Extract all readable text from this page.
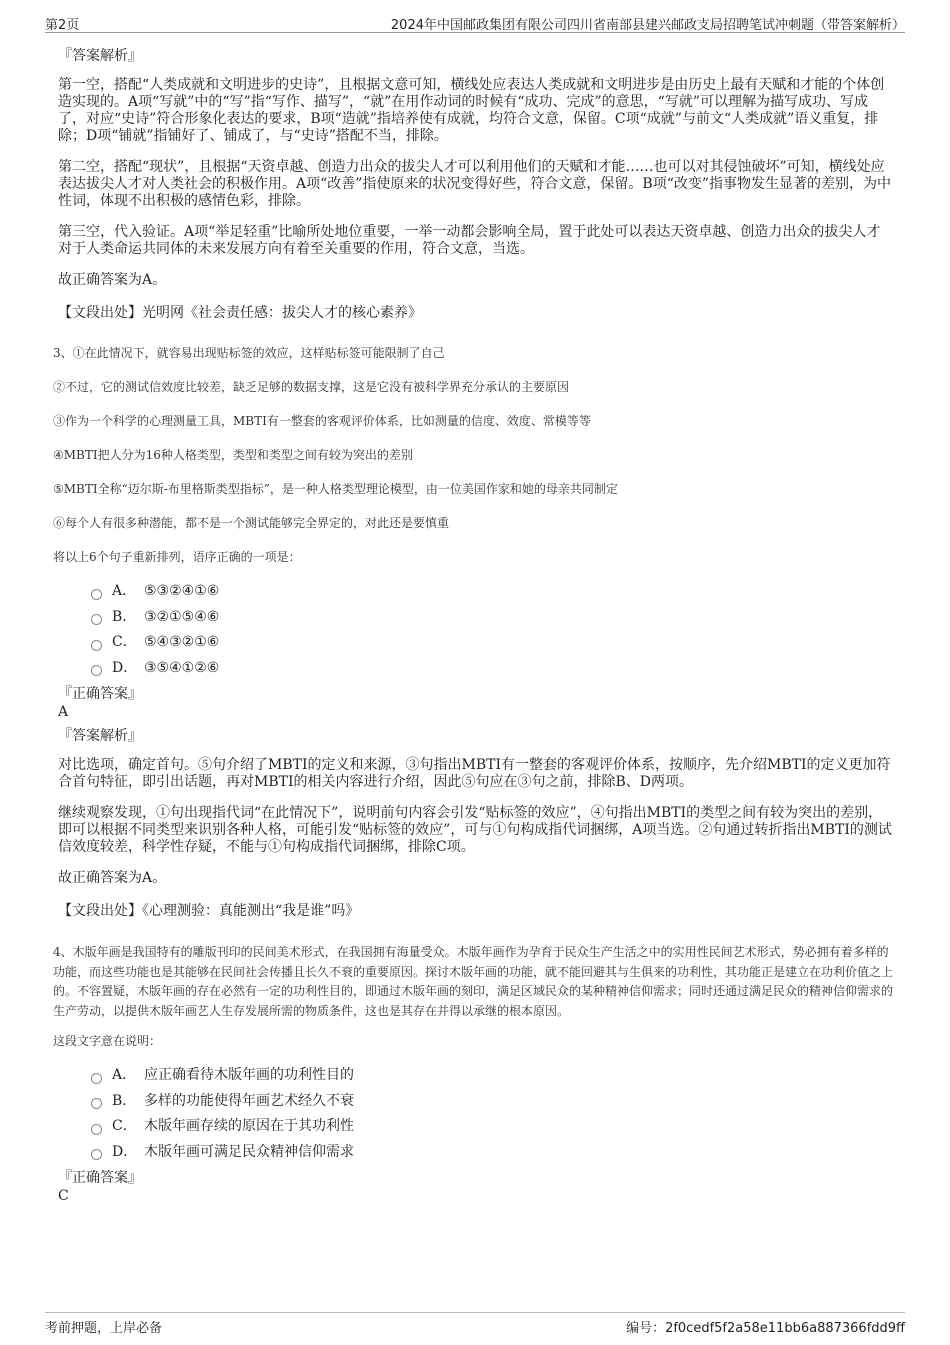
第2页	2024年中国邮政集团有限公司四川省南部县建兴邮政支局招聘笔试冲刺题（带答案解析）

『答案解析』

第一空，搭配“人类成就和文明进步的史诗”，且根据文意可知，横线处应表达人类成就和文明进步是由历史上最有天赋和才能的个体创造实现的。A项“写就”中的“写”指“写作、描写”，“就”在用作动词的时候有“成功、完成”的意思，“写就”可以理解为描写成功、写成了，对应“史诗”符合形象化表达的要求，B项“造就”指培养使有成就，均符合文意，保留。C项“成就”与前文“人类成就”语义重复，排除；D项“铺就”指铺好了、铺成了，与“史诗”搭配不当，排除。

第二空，搭配“现状”，且根据“天资卓越、创造力出众的拔尖人才可以利用他们的天赋和才能……也可以对其侵蚀破坏”可知，横线处应表达拔尖人才对人类社会的积极作用。A项“改善”指使原来的状况变得好些，符合文意，保留。B项“改变”指事物发生显著的差别，为中性词，体现不出积极的感情色彩，排除。

第三空，代入验证。A项“举足轻重”比喻所处地位重要，一举一动都会影响全局，置于此处可以表达天资卓越、创造力出众的拔尖人才对于人类命运共同体的未来发展方向有着至关重要的作用，符合文意，当选。

故正确答案为A。

【文段出处】光明网《社会责任感：拔尖人才的核心素养》

3、①在此情况下，就容易出现贴标签的效应，这样贴标签可能限制了自己

②不过，它的测试信效度比较差，缺乏足够的数据支撑，这是它没有被科学界充分承认的主要原因

③作为一个科学的心理测量工具，MBTI有一整套的客观评价体系，比如测量的信度、效度、常模等等

④MBTI把人分为16种人格类型，类型和类型之间有较为突出的差别

⑤MBTI全称“迈尔斯-布里格斯类型指标”，是一种人格类型理论模型，由一位美国作家和她的母亲共同制定

⑥每个人有很多种潜能，都不是一个测试能够完全界定的，对此还是要慎重

将以上6个句子重新排列，语序正确的一项是：

A． ⑤③②④①⑥
B． ③②①⑤④⑥
C． ⑤④③②①⑥
D． ③⑤④①②⑥

『正确答案』

A

『答案解析』

对比选项，确定首句。⑤句介绍了MBTI的定义和来源，③句指出MBTI有一整套的客观评价体系，按顺序，先介绍MBTI的定义更加符合首句特征，即引出话题，再对MBTI的相关内容进行介绍，因此⑤句应在③句之前，排除B、D两项。

继续观察发现，①句出现指代词“在此情况下”，说明前句内容会引发“贴标签的效应”，④句指出MBTI的类型之间有较为突出的差别，即可以根据不同类型来识别各种人格，可能引发“贴标签的效应”，可与①句构成指代词捆绑，A项当选。②句通过转折指出MBTI的测试信效度较差，科学性存疑，不能与①句构成指代词捆绑，排除C项。

故正确答案为A。

【文段出处】《心理测验：真能测出“我是谁”吗》

4、木版年画是我国特有的雕版刊印的民间美术形式，在我国拥有海量受众。木版年画作为孕育于民众生产生活之中的实用性民间艺术形式，势必拥有着多样的功能，而这些功能也是其能够在民间社会传播且长久不衰的重要原因。探讨木版年画的功能，就不能回避其与生俱来的功利性，其功能正是建立在功利价值之上的。不容置疑，木版年画的存在必然有一定的功利性目的，即通过木版年画的刻印，满足区域民众的某种精神信仰需求；同时还通过满足民众的精神信仰需求的生产劳动，以提供木版年画艺人生存发展所需的物质条件，这也是其存在并得以承继的根本原因。

这段文字意在说明：

A． 应正确看待木版年画的功利性目的
B． 多样的功能使得年画艺术经久不衰
C． 木版年画存续的原因在于其功利性
D． 木版年画可满足民众精神信仰需求

『正确答案』

C

考前押题，上岸必备	编号：2f0cedf5f2a58e11bb6a887366fdd9ff
